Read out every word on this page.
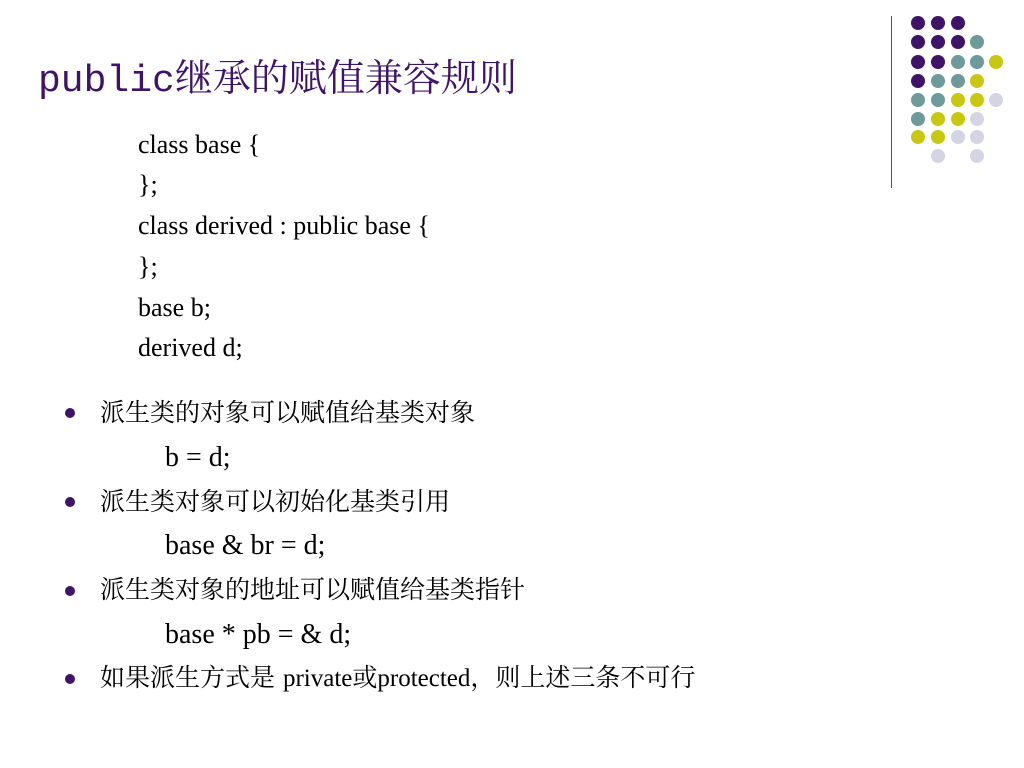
public继承的赋值兼容规则
class base {
};
class derived : public base {
};
base b;
derived d;
派生类的对象可以赋值给基类对象
b = d;
派生类对象可以初始化基类引用
base & br = d;
派生类对象的地址可以赋值给基类指针
base * pb = & d;
如果派生方式是 private或protected，则上述三条不可行
